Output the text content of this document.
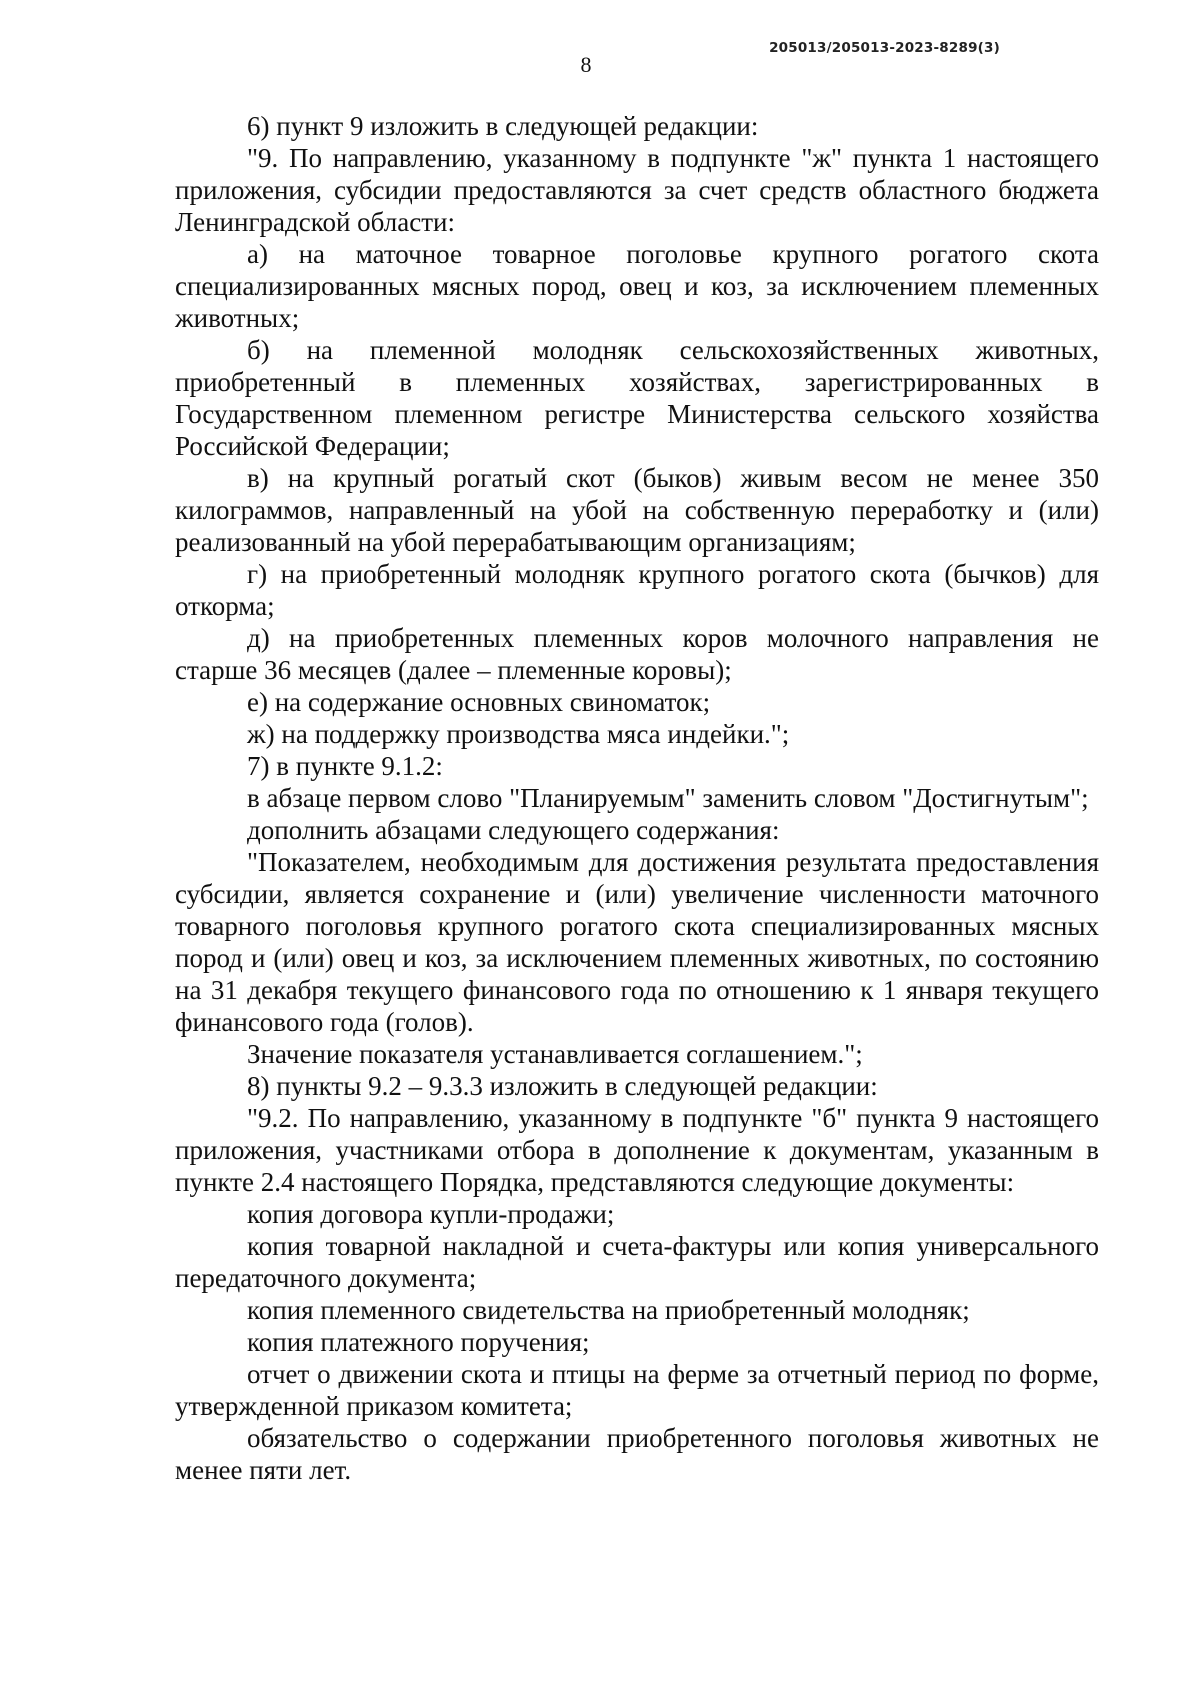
205013/205013-2023-8289(3)
8

6) пункт 9 изложить в следующей редакции:

"9. По направлению, указанному в подпункте "ж" пункта 1 настоящего приложения, субсидии предоставляются за счет средств областного бюджета Ленинградской области:

а) на маточное товарное поголовье крупного рогатого скота специализированных мясных пород, овец и коз, за исключением племенных животных;

б) на племенной молодняк сельскохозяйственных животных, приобретенный в племенных хозяйствах, зарегистрированных в Государственном племенном регистре Министерства сельского хозяйства Российской Федерации;

в) на крупный рогатый скот (быков) живым весом не менее 350 килограммов, направленный на убой на собственную переработку и (или) реализованный на убой перерабатывающим организациям;

г) на приобретенный молодняк крупного рогатого скота (бычков) для откорма;

д) на приобретенных племенных коров молочного направления не старше 36 месяцев (далее – племенные коровы);

е) на содержание основных свиноматок;

ж) на поддержку производства мяса индейки.";

7) в пункте 9.1.2:

в абзаце первом слово "Планируемым" заменить словом "Достигнутым";

дополнить абзацами следующего содержания:

"Показателем, необходимым для достижения результата предоставления субсидии, является сохранение и (или) увеличение численности маточного товарного поголовья крупного рогатого скота специализированных мясных пород и (или) овец и коз, за исключением племенных животных, по состоянию на 31 декабря текущего финансового года по отношению к 1 января текущего финансового года (голов).

Значение показателя устанавливается соглашением.";

8) пункты 9.2 – 9.3.3 изложить в следующей редакции:

"9.2. По направлению, указанному в подпункте "б" пункта 9 настоящего приложения, участниками отбора в дополнение к документам, указанным в пункте 2.4 настоящего Порядка, представляются следующие документы:

копия договора купли-продажи;

копия товарной накладной и счета-фактуры или копия универсального передаточного документа;

копия племенного свидетельства на приобретенный молодняк;

копия платежного поручения;

отчет о движении скота и птицы на ферме за отчетный период по форме, утвержденной приказом комитета;

обязательство о содержании приобретенного поголовья животных не менее пяти лет.
